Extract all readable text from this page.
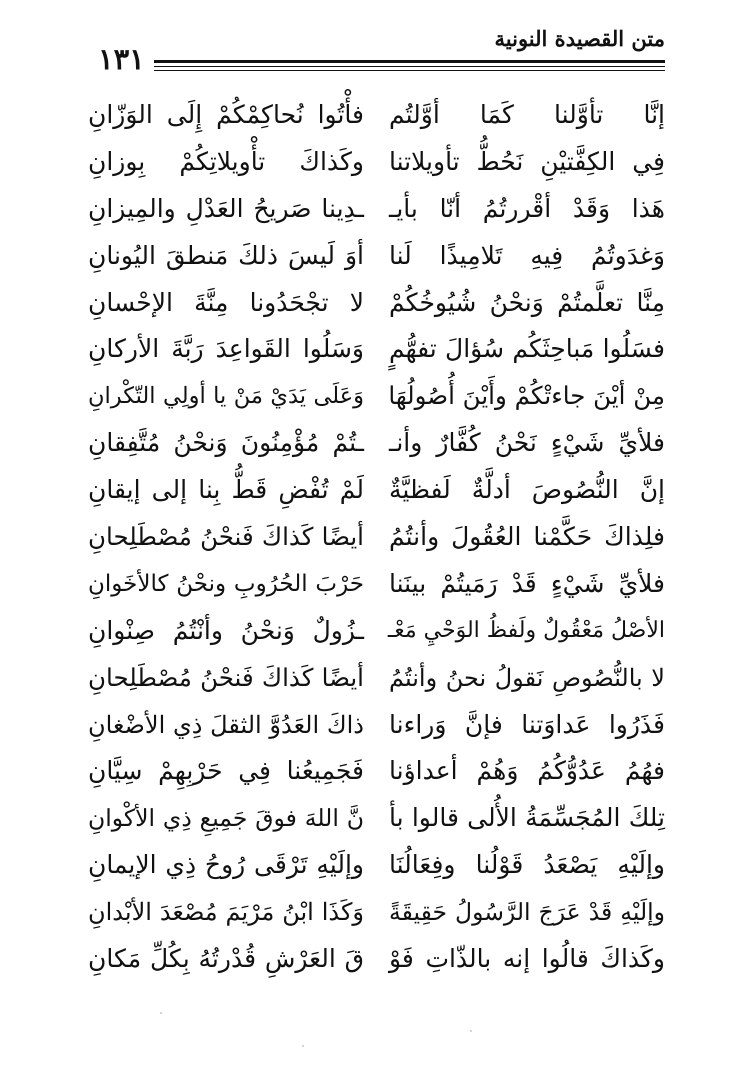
متن القصيدة النونية
١٣١
إنَّا تأوَّلنا كَمَا أوَّلتُم
فأْتُوا نُحاكِمْكُمْ إِلَى الوَزّانِ
فِي الكِفَّتيْنِ نَحُطُّ تأويلاتنا
وكَذاكَ تأْويلاتِكُمْ بِوزانِ
هَذا وَقَدْ أقْررتُمُ أنّا بأيـ
ـدِينا صَريحُ العَدْلِ والمِيزانِ
وَغدَوتُمُ فِيهِ تَلامِيذًا لَنا
أوَ لَيسَ ذلكَ مَنطقَ اليُونانِ
مِنَّا تعلَّمتُمْ وَنحْنُ شُيُوخُكُمْ
لا تجْحَدُونا مِنَّةَ الإحْسانِ
فسَلُوا مَباحِثَكُم سُؤالَ تفهُّمٍ
وَسَلُوا القَواعِدَ رَبَّةَ الأركانِ
مِنْ أيْنَ جاءتْكُمْ وأَيْنَ أُصُولُهَا
وَعَلَى يَدَيْ مَنْ يا أولِي التّكْرانِ
فلأيِّ شَيْءٍ نَحْنُ كُفَّارٌ وأنـ
ـتُمْ مُؤْمِنُونَ وَنحْنُ مُتَّفِقانِ
إنَّ النُّصُوصَ أدلَّةٌ لَفظيَّةٌ
لَمْ تُفْضِ قَطُّ بِنا إلى إيقانِ
فلِذاكَ حَكَّمْنا العُقُولَ وأنتُمُ
أيضًا كَذاكَ فَنحْنُ مُصْطَلِحانِ
فلأيِّ شَيْءٍ قَدْ رَمَيتُمْ بينَنا
حَرْبَ الحُرُوبِ ونحْنُ كالأخَوانِ
الأصْلُ مَعْقُولٌ ولَفظُ الوَحْيِ مَعْـ
ـزُولٌ وَنحْنُ وأنْتُمُ صِنْوانِ
لا بالنُّصُوصِ نَقولُ نحنُ وأنتُمُ
أيضًا كَذاكَ فَنحْنُ مُصْطَلِحانِ
فَذَرُوا عَداوَتنا فإنَّ وَراءنا
ذاكَ العَدُوَّ الثقلَ ذِي الأضْغانِ
فهُمُ عَدُوُّكُمُ وَهُمْ أعداؤنا
فَجَمِيعُنا فِي حَرْبِهِمْ سِيَّانِ
تِلكَ المُجَسِّمَةُ الأُلى قالوا بأ
نَّ اللهَ فوقَ جَمِيعِ ذِي الأكْوانِ
وإلَيْهِ يَصْعَدُ قَوْلُنا وفِعَالُنَا
وإلَيْهِ تَرْقَى رُوحُ ذِي الإيمانِ
وإلَيْهِ قَدْ عَرَجَ الرَّسُولُ حَقِيقَةً
وَكَذَا ابْنُ مَرْيَمَ مُصْعَدَ الأبْدانِ
وكَذاكَ قالُوا إنه بالذّاتِ فَوْ
قَ العَرْشِ قُدْرتُهُ بِكُلِّ مَكانِ
